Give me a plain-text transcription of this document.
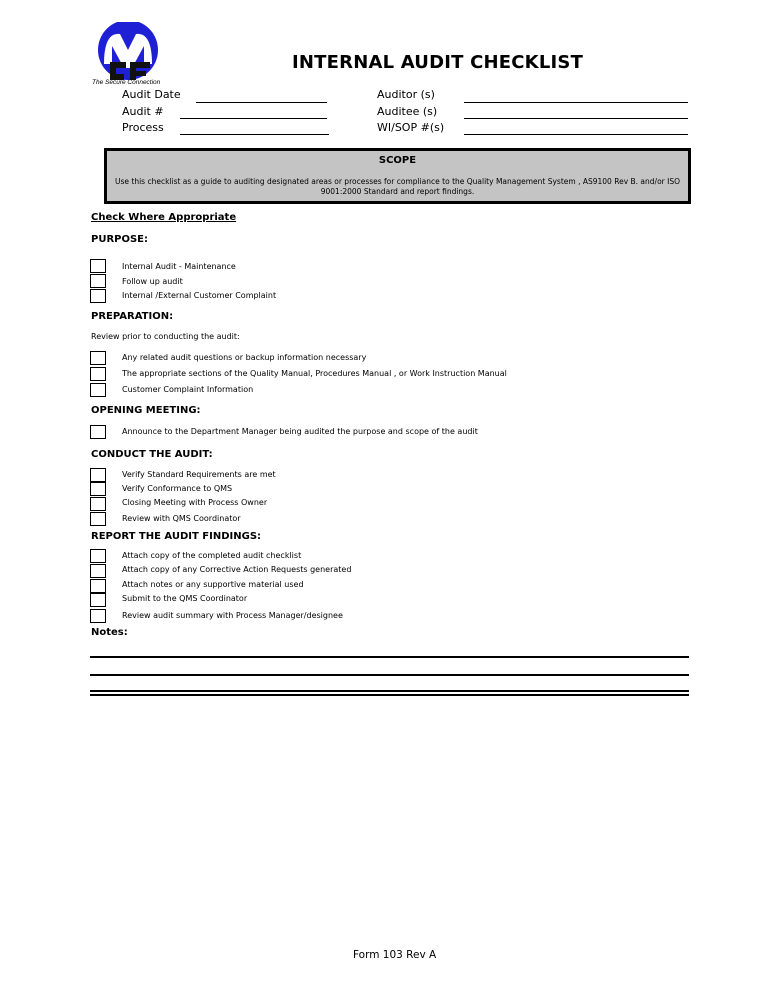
The Secure Connection
INTERNAL AUDIT CHECKLIST
Audit Date
Audit #
Process
Auditor (s)
Auditee (s)
WI/SOP #(s)
SCOPE
Use this checklist as a guide to auditing designated areas or processes for compliance to the Quality Management System , AS9100 Rev B. and/or ISO 9001:2000 Standard and report findings.
Check Where Appropriate
PURPOSE:
Internal Audit - Maintenance
Follow up audit
Internal /External Customer Complaint
PREPARATION:
Review prior to conducting the audit:
Any related audit questions or backup information necessary
The appropriate sections of the Quality Manual, Procedures Manual , or Work Instruction Manual
Customer Complaint Information
OPENING MEETING:
Announce to the Department Manager being audited the purpose and scope of the audit
CONDUCT THE AUDIT:
Verify Standard Requirements are met
Verify Conformance to QMS
Closing Meeting with Process Owner
Review with QMS Coordinator
REPORT THE AUDIT FINDINGS:
Attach copy of the completed audit checklist
Attach copy of any Corrective Action Requests generated
Attach notes or any supportive material used
Submit to the QMS Coordinator
Review audit summary with Process Manager/designee
Notes:
Form 103 Rev A
